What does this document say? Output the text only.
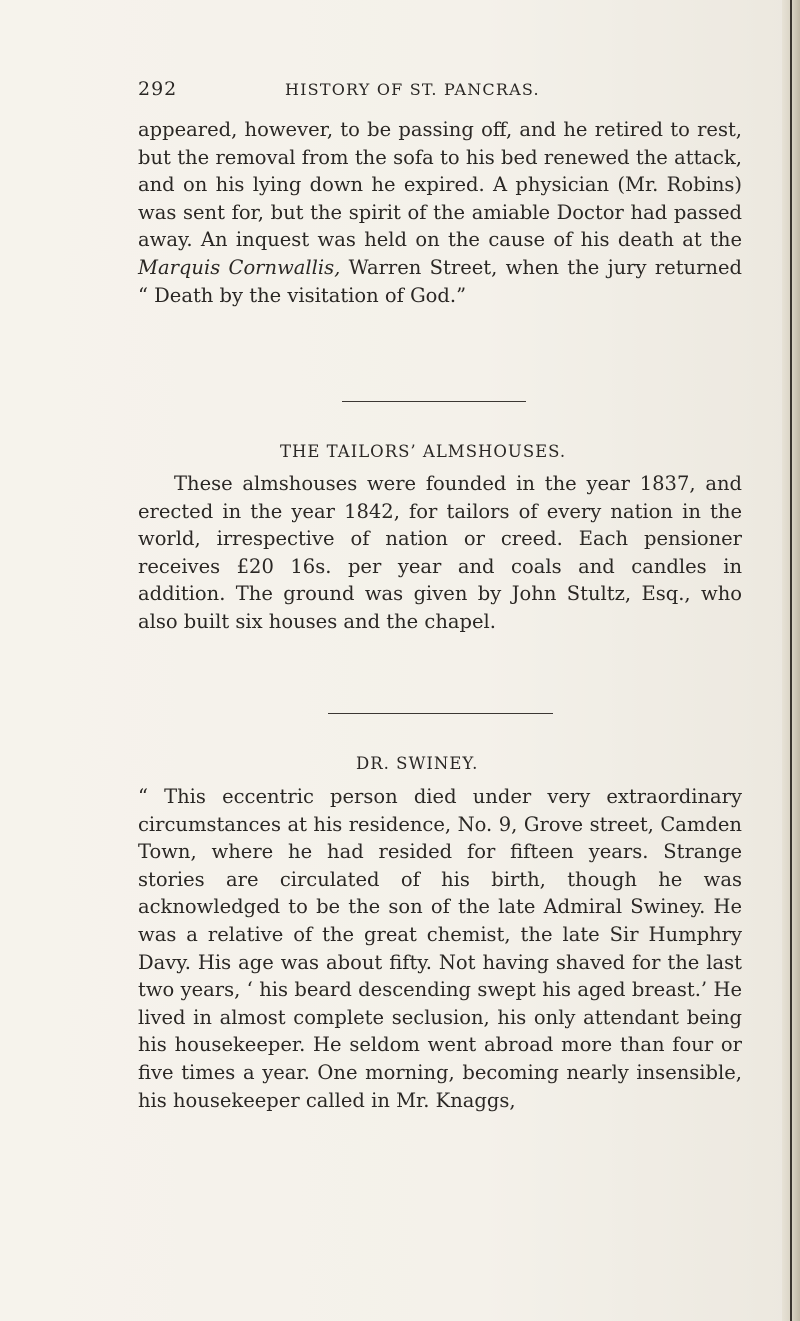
292	HISTORY OF ST. PANCRAS.

appeared, however, to be passing off, and he retired to rest, but the removal from the sofa to his bed renewed the attack, and on his lying down he expired. A physician (Mr. Robins) was sent for, but the spirit of the amiable Doctor had passed away. An inquest was held on the cause of his death at the Marquis Cornwallis, Warren Street, when the jury returned “ Death by the visitation of God.”

THE TAILORS’ ALMSHOUSES.

These almshouses were founded in the year 1837, and erected in the year 1842, for tailors of every nation in the world, irrespective of nation or creed. Each pensioner receives £20 16s. per year and coals and candles in addition. The ground was given by John Stultz, Esq., who also built six houses and the chapel.

DR. SWINEY.

“ This eccentric person died under very extraordinary circumstances at his residence, No. 9, Grove street, Camden Town, where he had resided for fifteen years. Strange stories are circulated of his birth, though he was acknowledged to be the son of the late Admiral Swiney. He was a relative of the great chemist, the late Sir Humphry Davy. His age was about fifty. Not having shaved for the last two years, ‘ his beard descending swept his aged breast.’ He lived in almost complete seclusion, his only attendant being his housekeeper. He seldom went abroad more than four or five times a year. One morning, becoming nearly insensible, his housekeeper called in Mr. Knaggs,
